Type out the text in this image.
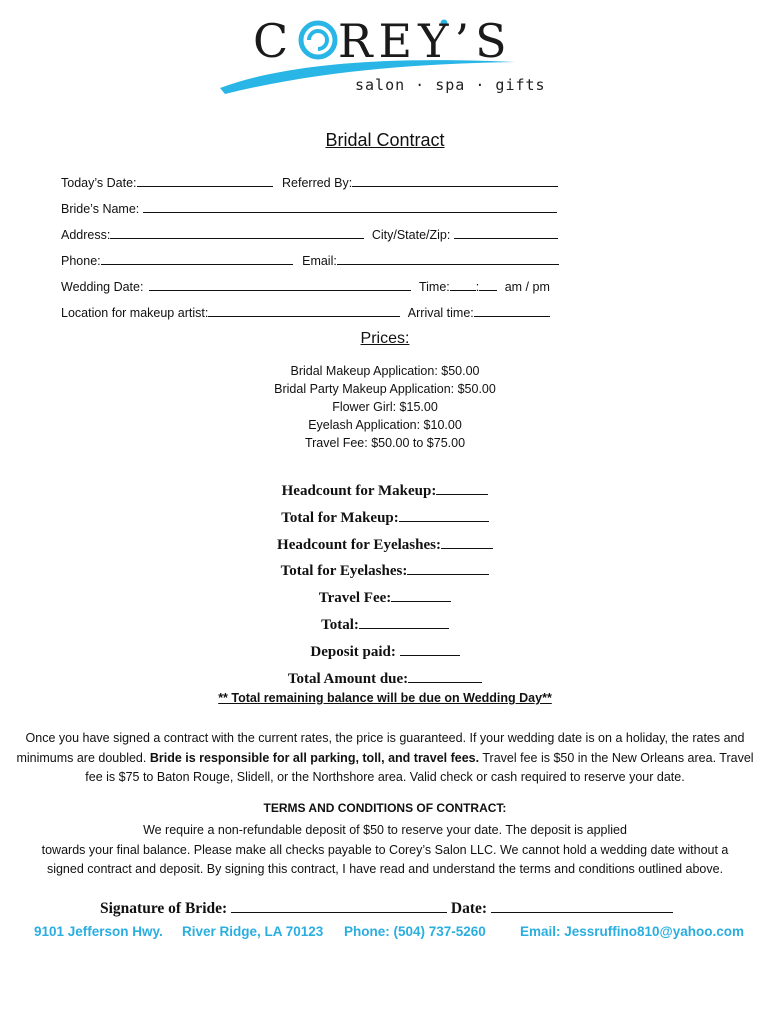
C REY’S
salon · spa · gifts
Bridal Contract
Today’s Date:	Referred By:
Bride’s Name:
Address:	City/State/Zip:
Phone:	Email:
Wedding Date:	Time: : am / pm
Location for makeup artist:	Arrival time:
Prices:
Bridal Makeup Application: $50.00
Bridal Party Makeup Application: $50.00
Flower Girl: $15.00
Eyelash Application: $10.00
Travel Fee: $50.00 to $75.00
Headcount for Makeup:
Total for Makeup:
Headcount for Eyelashes:
Total for Eyelashes:
Travel Fee:
Total:
Deposit paid:
Total Amount due:
** Total remaining balance will be due on Wedding Day**
Once you have signed a contract with the current rates, the price is guaranteed. If your wedding date is on a holiday, the rates and minimums are doubled. Bride is responsible for all parking, toll, and travel fees. Travel fee is $50 in the New Orleans area. Travel fee is $75 to Baton Rouge, Slidell, or the Northshore area. Valid check or cash required to reserve your date.
TERMS AND CONDITIONS OF CONTRACT:
We require a non-refundable deposit of $50 to reserve your date. The deposit is applied
towards your final balance. Please make all checks payable to Corey’s Salon LLC. We cannot hold a wedding date without a
signed contract and deposit. By signing this contract, I have read and understand the terms and conditions outlined above.
Signature of Bride:	Date:
9101 Jefferson Hwy. River Ridge, LA 70123 Phone: (504) 737-5260	Email: Jessruffino810@yahoo.com
